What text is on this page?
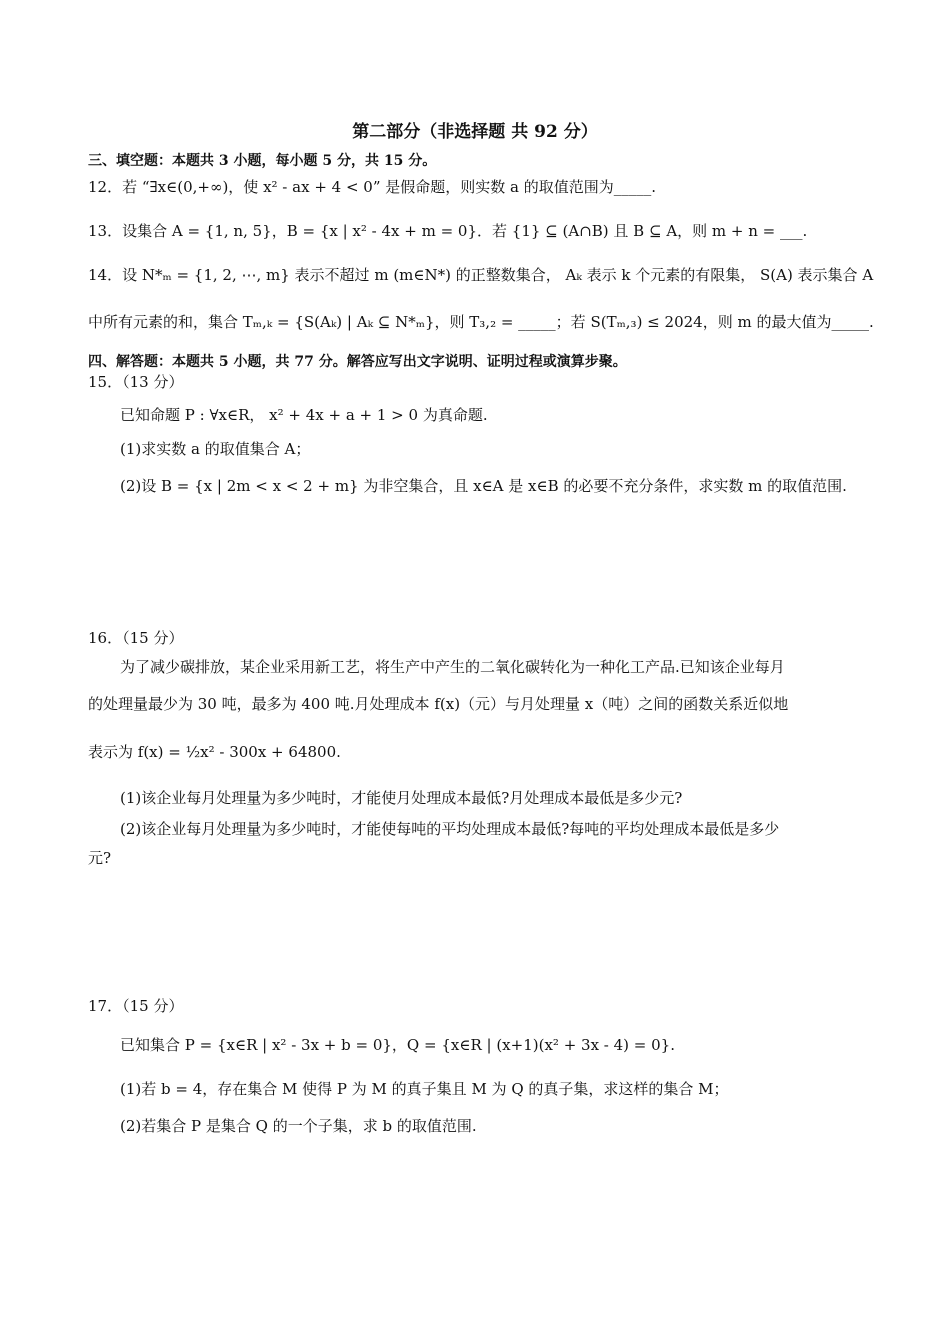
第二部分（非选择题 共 92 分）
三、填空题：本题共 3 小题，每小题 5 分，共 15 分。
12．若 “∃x∈(0,+∞)，使 x² - ax + 4 < 0” 是假命题，则实数 a 的取值范围为_____.
13．设集合 A = {1, n, 5}，B = {x | x² - 4x + m = 0}．若 {1} ⊆ (A∩B) 且 B ⊆ A，则 m + n = ___.
14．设 N*ₘ = {1, 2, ⋯, m} 表示不超过 m (m∈N*) 的正整数集合， Aₖ 表示 k 个元素的有限集， S(A) 表示集合 A
中所有元素的和，集合 Tₘ,ₖ = {S(Aₖ) | Aₖ ⊆ N*ₘ}，则 T₃,₂ = _____；若 S(Tₘ,₃) ≤ 2024，则 m 的最大值为_____.
四、解答题：本题共 5 小题，共 77 分。解答应写出文字说明、证明过程或演算步聚。
15．（13 分）
已知命题 P : ∀x∈R， x² + 4x + a + 1 > 0 为真命题.
(1)求实数 a 的取值集合 A；
(2)设 B = {x | 2m < x < 2 + m} 为非空集合，且 x∈A 是 x∈B 的必要不充分条件，求实数 m 的取值范围.
16．（15 分）
为了减少碳排放，某企业采用新工艺，将生产中产生的二氧化碳转化为一种化工产品.已知该企业每月
的处理量最少为 30 吨，最多为 400 吨.月处理成本 f(x)（元）与月处理量 x（吨）之间的函数关系近似地
表示为 f(x) = ½x² - 300x + 64800.
(1)该企业每月处理量为多少吨时，才能使月处理成本最低?月处理成本最低是多少元?
(2)该企业每月处理量为多少吨时，才能使每吨的平均处理成本最低?每吨的平均处理成本最低是多少
元?
17．（15 分）
已知集合 P = {x∈R | x² - 3x + b = 0}，Q = {x∈R | (x+1)(x² + 3x - 4) = 0}.
(1)若 b = 4，存在集合 M 使得 P 为 M 的真子集且 M 为 Q 的真子集，求这样的集合 M；
(2)若集合 P 是集合 Q 的一个子集，求 b 的取值范围.
